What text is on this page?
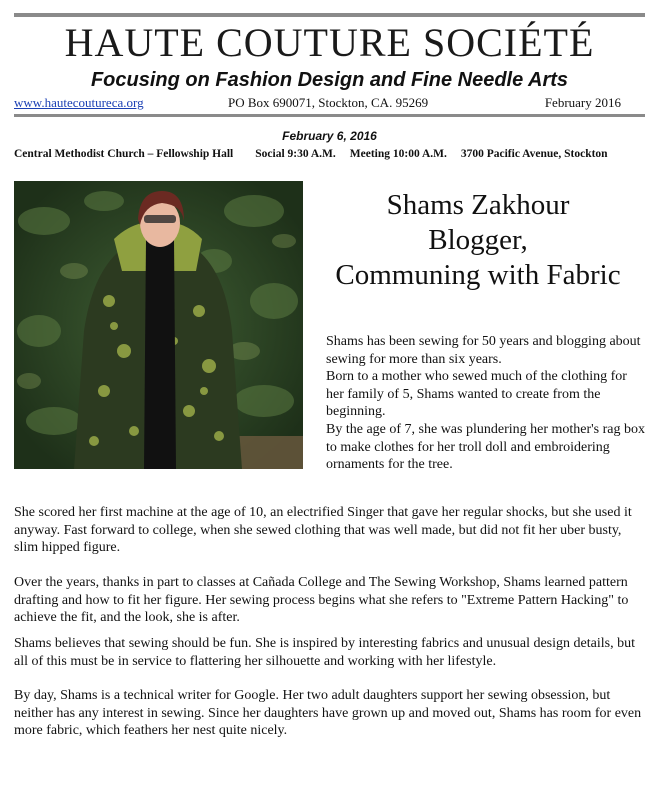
HAUTE COUTURE SOCIÉTÉ
Focusing on Fashion Design and Fine Needle Arts
www.hautecoutureca.org	PO Box 690071, Stockton, CA. 95269	February 2016
February 6, 2016
Central Methodist Church – Fellowship Hall Social 9:30 A.M. Meeting 10:00 A.M. 3700 Pacific Avenue, Stockton
Shams Zakhour
Blogger,
Communing with Fabric

Shams has been sewing for 50 years and blogging about sewing for more than six years.

Born to a mother who sewed much of the clothing for her family of 5, Shams wanted to create from the beginning.

By the age of 7, she was plundering her mother's rag box to make clothes for her troll doll and embroidering ornaments for the tree.

She scored her first machine at the age of 10, an electrified Singer that gave her regular shocks, but she used it anyway. Fast forward to college, when she sewed clothing that was well made, but did not fit her uber busty, slim hipped figure.
Over the years, thanks in part to classes at Cañada College and The Sewing Workshop, Shams learned pattern drafting and how to fit her figure. Her sewing process begins what she refers to "Extreme Pattern Hacking" to achieve the fit, and the look, she is after.
Shams believes that sewing should be fun. She is inspired by interesting fabrics and unusual design details, but all of this must be in service to flattering her silhouette and working with her lifestyle.
By day, Shams is a technical writer for Google. Her two adult daughters support her sewing obsession, but neither has any interest in sewing. Since her daughters have grown up and moved out, Shams has room for even more fabric, which feathers her nest quite nicely.
